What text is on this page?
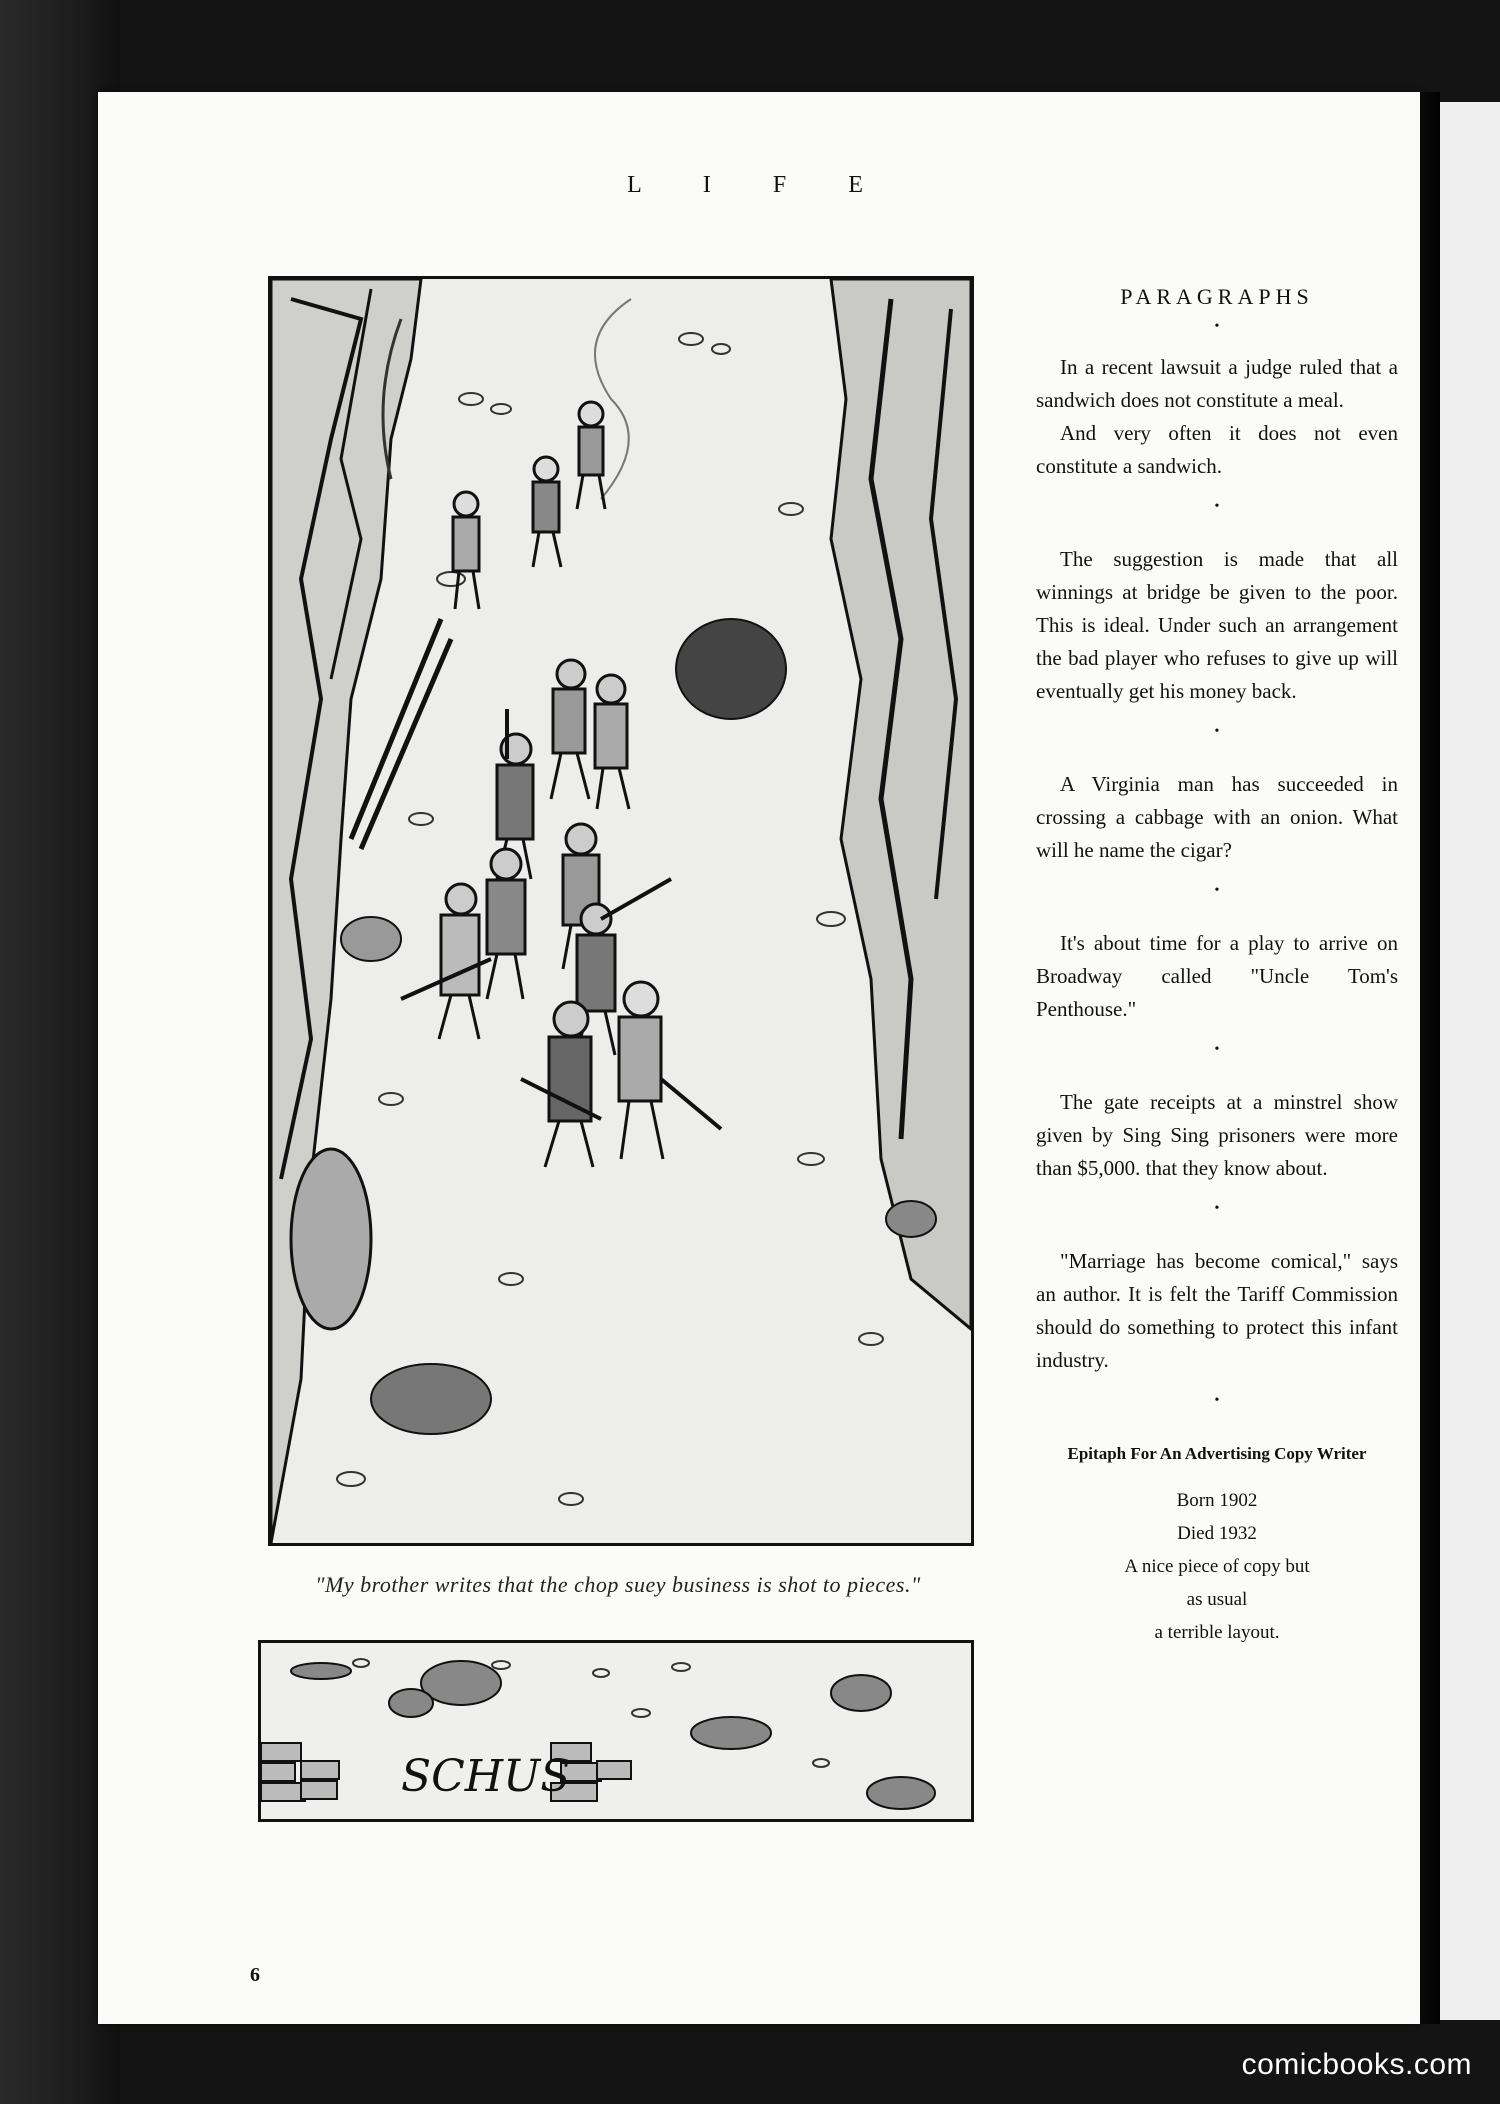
L I F E
"My brother writes that the chop suey business is shot to pieces."
SCHUS
6
PARAGRAPHS
•

In a recent lawsuit a judge ruled that a sandwich does not constitute a meal.

And very often it does not even constitute a sandwich.

•

The suggestion is made that all winnings at bridge be given to the poor. This is ideal. Under such an arrangement the bad player who refuses to give up will eventually get his money back.

•

A Virginia man has succeeded in crossing a cabbage with an onion. What will he name the cigar?

•

It's about time for a play to arrive on Broadway called "Uncle Tom's Penthouse."

•

The gate receipts at a minstrel show given by Sing Sing prisoners were more than $5,000. that they know about.

•

"Marriage has become comical," says an author. It is felt the Tariff Commission should do something to protect this infant industry.

•
Epitaph For An Advertising Copy Writer
Born 1902
Died 1932
A nice piece of copy but
as usual
a terrible layout.
comicbooks.com
